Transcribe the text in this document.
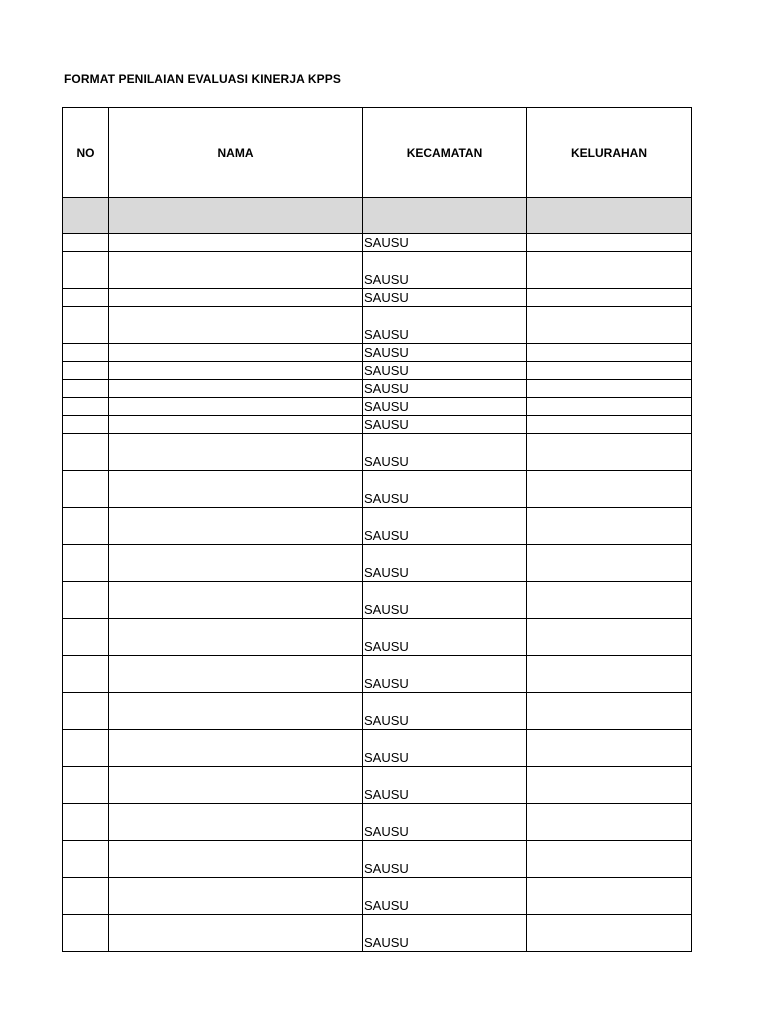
FORMAT PENILAIAN EVALUASI KINERJA KPPS
NO	NAMA	KECAMATAN	KELURAHAN

		SAUSU	
		SAUSU	
		SAUSU	
		SAUSU	
		SAUSU	
		SAUSU	
		SAUSU	
		SAUSU	
		SAUSU	
		SAUSU	
		SAUSU	
		SAUSU	
		SAUSU	
		SAUSU	
		SAUSU	
		SAUSU	
		SAUSU	
		SAUSU	
		SAUSU	
		SAUSU	
		SAUSU	
		SAUSU	
		SAUSU	
